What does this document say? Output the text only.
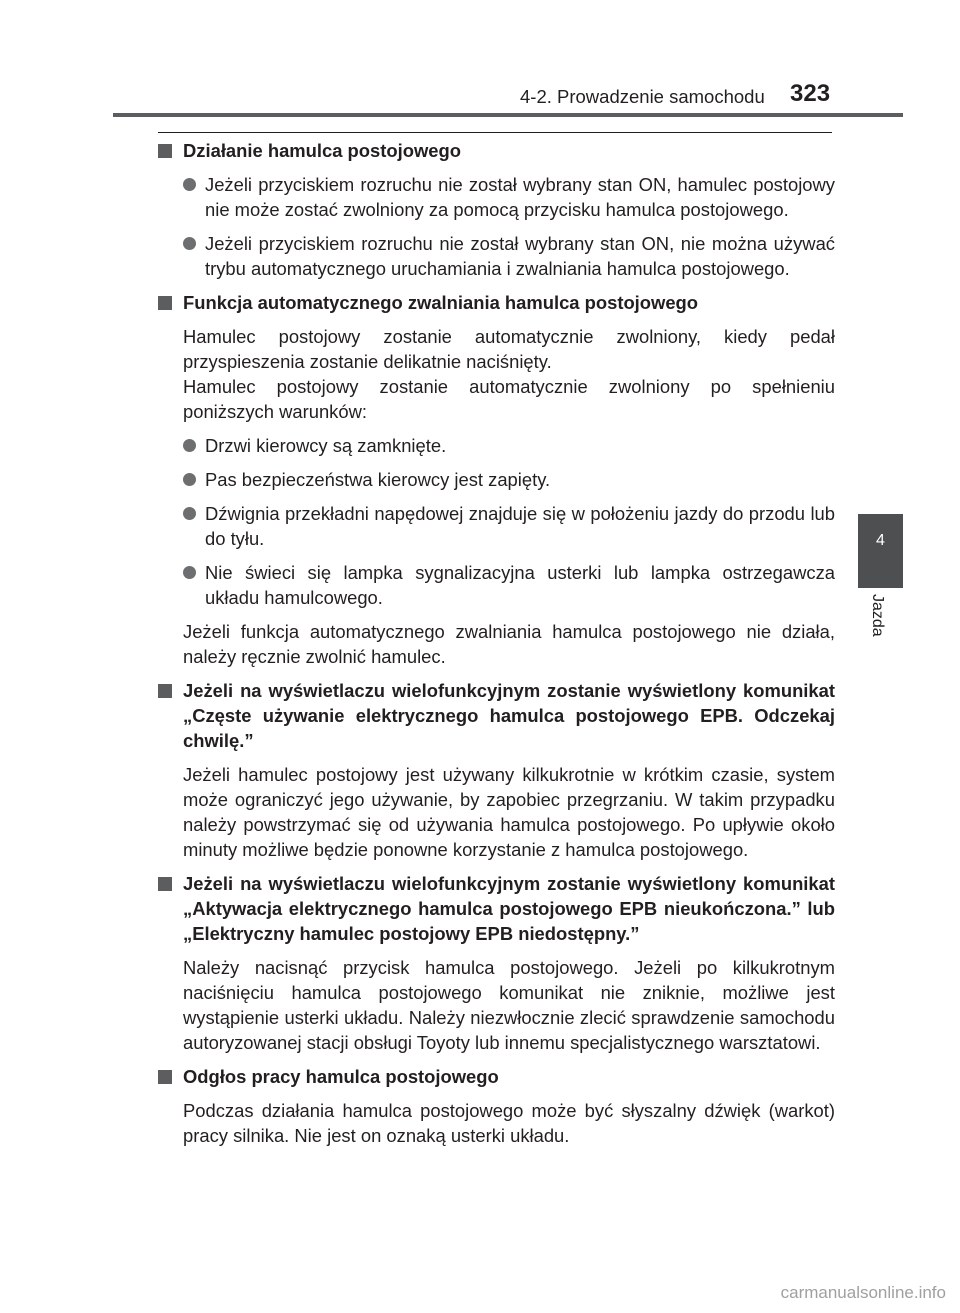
4-2. Prowadzenie samochodu 323
4
Jazda
Działanie hamulca postojowego
Jeżeli przyciskiem rozruchu nie został wybrany stan ON, hamulec postojowy nie może zostać zwolniony za pomocą przycisku hamulca postojowego.
Jeżeli przyciskiem rozruchu nie został wybrany stan ON, nie można używać trybu automatycznego uruchamiania i zwalniania hamulca postojowego.
Funkcja automatycznego zwalniania hamulca postojowego
Hamulec postojowy zostanie automatycznie zwolniony, kiedy pedał przyspieszenia zostanie delikatnie naciśnięty.
Hamulec postojowy zostanie automatycznie zwolniony po spełnieniu poniższych warunków:
Drzwi kierowcy są zamknięte.
Pas bezpieczeństwa kierowcy jest zapięty.
Dźwignia przekładni napędowej znajduje się w położeniu jazdy do przodu lub do tyłu.
Nie świeci się lampka sygnalizacyjna usterki lub lampka ostrzegawcza układu hamulcowego.
Jeżeli funkcja automatycznego zwalniania hamulca postojowego nie działa, należy ręcznie zwolnić hamulec.
Jeżeli na wyświetlaczu wielofunkcyjnym zostanie wyświetlony komunikat „Częste używanie elektrycznego hamulca postojowego EPB. Odczekaj chwilę.”
Jeżeli hamulec postojowy jest używany kilkukrotnie w krótkim czasie, system może ograniczyć jego używanie, by zapobiec przegrzaniu. W takim przypadku należy powstrzymać się od używania hamulca postojowego. Po upływie około minuty możliwe będzie ponowne korzystanie z hamulca postojowego.
Jeżeli na wyświetlaczu wielofunkcyjnym zostanie wyświetlony komunikat „Aktywacja elektrycznego hamulca postojowego EPB nieukończona.” lub „Elektryczny hamulec postojowy EPB niedostępny.”
Należy nacisnąć przycisk hamulca postojowego. Jeżeli po kilkukrotnym naciśnięciu hamulca postojowego komunikat nie zniknie, możliwe jest wystąpienie usterki układu. Należy niezwłocznie zlecić sprawdzenie samochodu autoryzowanej stacji obsługi Toyoty lub innemu specjalistycznego warsztatowi.
Odgłos pracy hamulca postojowego
Podczas działania hamulca postojowego może być słyszalny dźwięk (warkot) pracy silnika. Nie jest on oznaką usterki układu.
carmanualsonline.info
